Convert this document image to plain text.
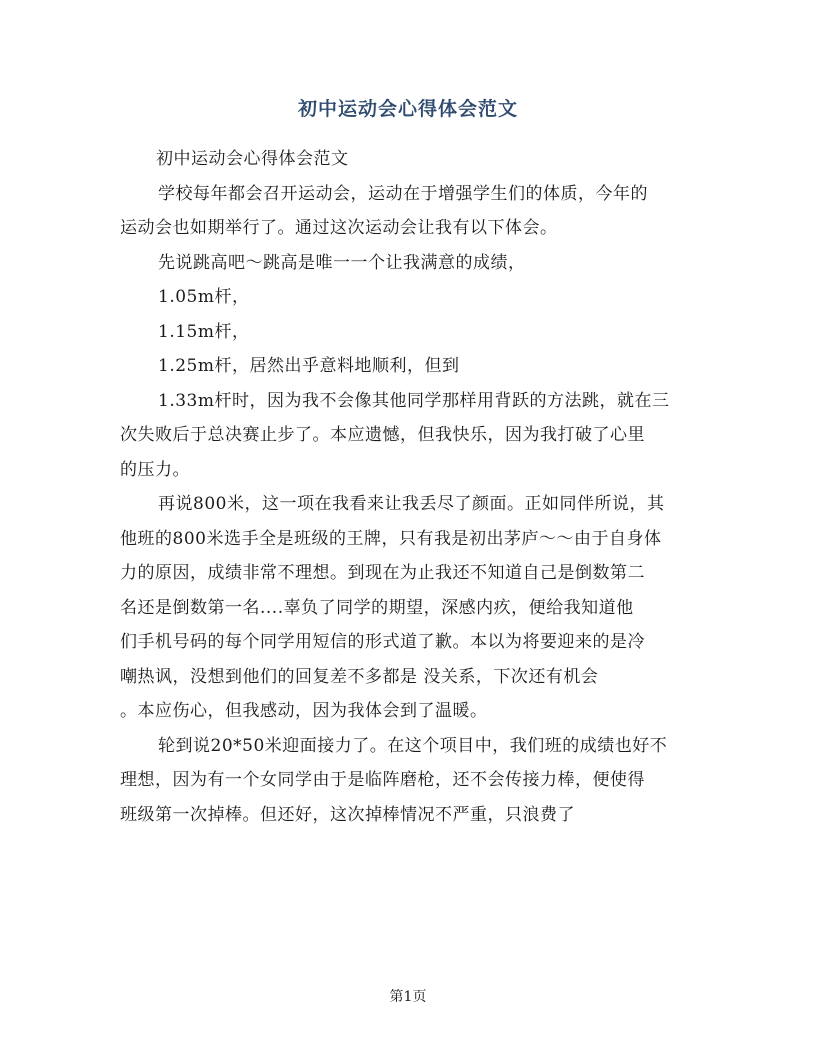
初中运动会心得体会范文
初中运动会心得体会范文
学校每年都会召开运动会，运动在于增强学生们的体质，今年的
运动会也如期举行了。通过这次运动会让我有以下体会。
先说跳高吧～跳高是唯一一个让我满意的成绩，
1.05m杆，
1.15m杆，
1.25m杆，居然出乎意料地顺利，但到
1.33m杆时，因为我不会像其他同学那样用背跃的方法跳，就在三
次失败后于总决赛止步了。本应遗憾，但我快乐，因为我打破了心里
的压力。
再说800米，这一项在我看来让我丢尽了颜面。正如同伴所说，其
他班的800米选手全是班级的王牌，只有我是初出茅庐～～由于自身体
力的原因，成绩非常不理想。到现在为止我还不知道自己是倒数第二
名还是倒数第一名....辜负了同学的期望，深感内疚，便给我知道他
们手机号码的每个同学用短信的形式道了歉。本以为将要迎来的是冷
嘲热讽，没想到他们的回复差不多都是 没关系，下次还有机会
。本应伤心，但我感动，因为我体会到了温暖。
轮到说20*50米迎面接力了。在这个项目中，我们班的成绩也好不
理想，因为有一个女同学由于是临阵磨枪，还不会传接力棒，便使得
班级第一次掉棒。但还好，这次掉棒情况不严重，只浪费了
第1页
